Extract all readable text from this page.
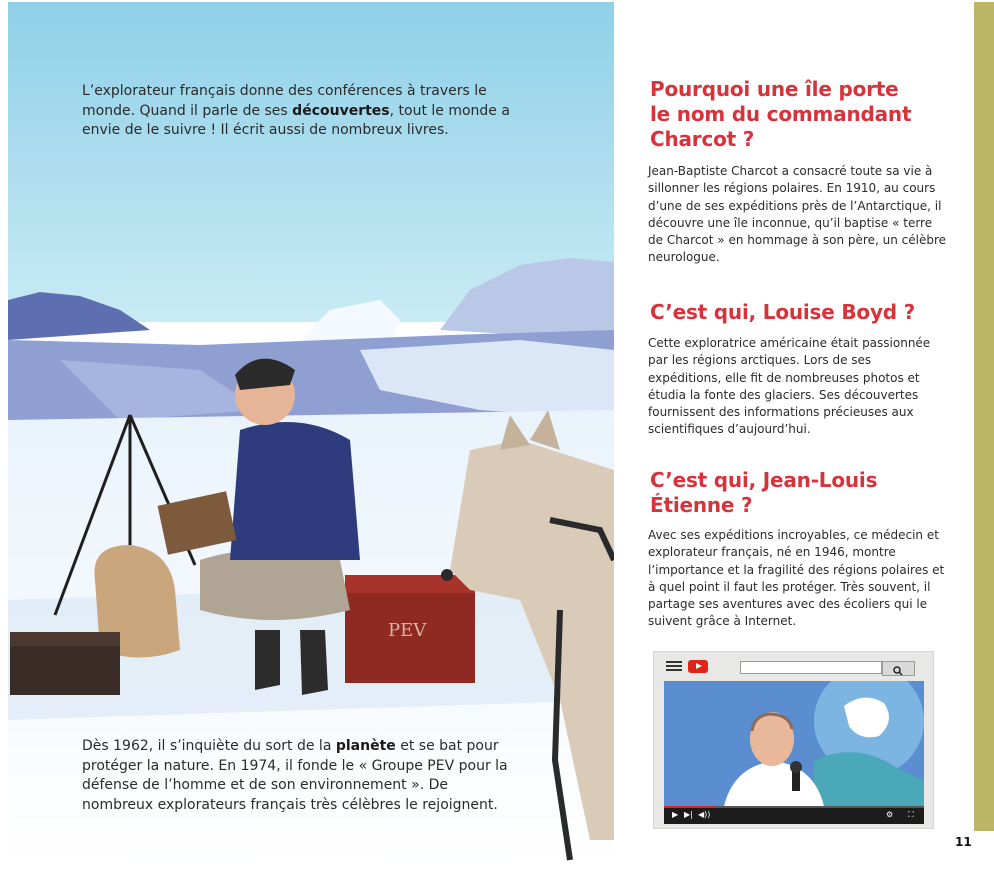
PEV

L’explorateur français donne des conférences à travers le monde. Quand il parle de ses découvertes, tout le monde a envie de le suivre ! Il écrit aussi de nombreux livres.

Dès 1962, il s’inquiète du sort de la planète et se bat pour protéger la nature. En 1974, il fonde le « Groupe PEV pour la défense de l’homme et de son environnement ». De nombreux explorateurs français très célèbres le rejoignent.

Pourquoi une île porte le nom du commandant Charcot ?

Jean-Baptiste Charcot a consacré toute sa vie à sillonner les régions polaires. En 1910, au cours d’une de ses expéditions près de l’Antarctique, il découvre une île inconnue, qu’il baptise « terre de Charcot » en hommage à son père, un célèbre neurologue.

C’est qui, Louise Boyd ?

Cette exploratrice américaine était passionnée par les régions arctiques. Lors de ses expéditions, elle fit de nombreuses photos et étudia la fonte des glaciers. Ses découvertes fournissent des informations précieuses aux scientifiques d’aujourd’hui.

C’est qui, Jean-Louis Étienne ?

Avec ses expéditions incroyables, ce médecin et explorateur français, né en 1946, montre l’importance et la fragilité des régions polaires et à quel point il faut les protéger. Très souvent, il partage ses aventures avec des écoliers qui le suivent grâce à Internet.

▶ ▶| ◀))	⚙ ⛶
11
